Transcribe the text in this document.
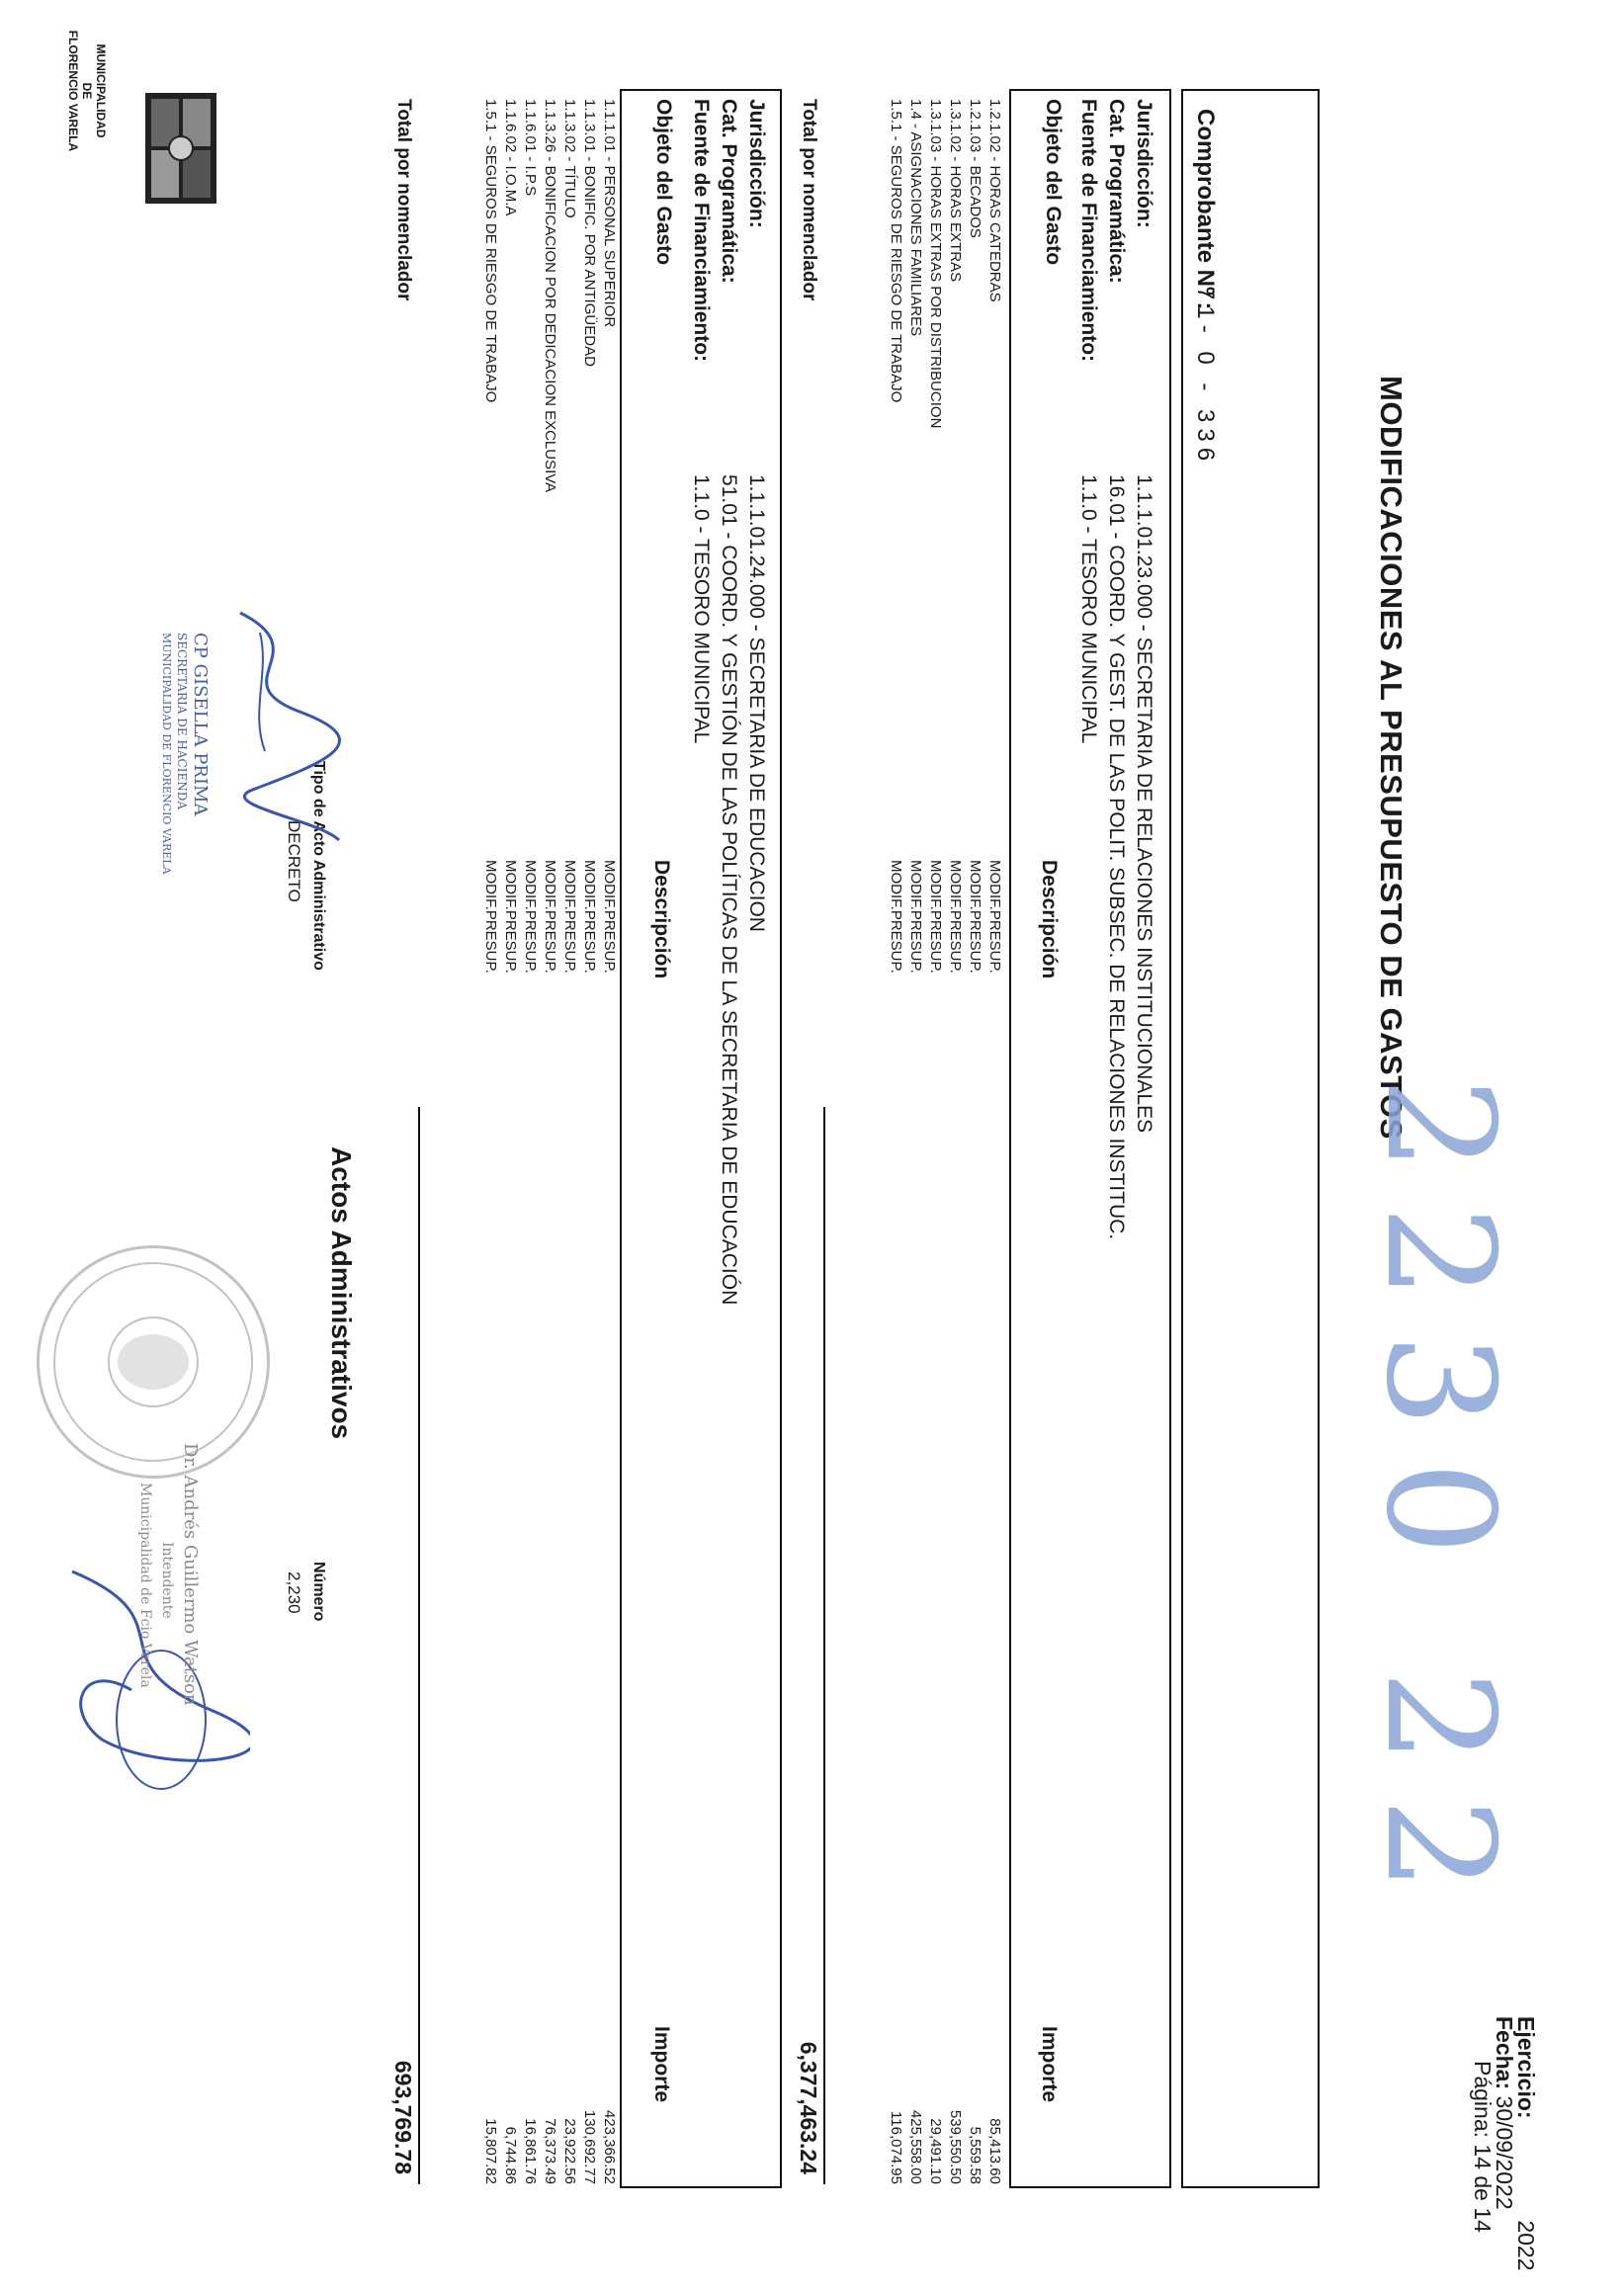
MUNICIPALIDAD
DE
FLORENCIO VARELA
MODIFICACIONES AL PRESUPUESTO DE GASTOS
2230 22
Ejercicio:  2022
Fecha: 30/09/2022
Página: 14 de 14
Comprobante Nº :
71- 0 - 336
Jurisdicción:
1.1.1.01.23.000 - SECRETARIA DE RELACIONES INSTITUCIONALES
Cat. Programática:
16.01 - COORD. Y GEST. DE LAS POLIT. SUBSEC. DE RELACIONES INSTITUC.
Fuente de Financiamiento:
1.1.0 - TESORO MUNICIPAL
Objeto del Gasto
Descripción
Importe
1.2.1.02 - HORAS CATEDRAS
MODIF.PRESUP.
85,413.60
1.2.1.03 - BECADOS
MODIF.PRESUP.
5,559.58
1.3.1.02 - HORAS EXTRAS
MODIF.PRESUP.
539,550.50
1.3.1.03 - HORAS EXTRAS POR DISTRIBUCION
MODIF.PRESUP.
29,491.10
1.4 - ASIGNACIONES FAMILIARES
MODIF.PRESUP.
425,558.00
1.5.1 - SEGUROS DE RIESGO DE TRABAJO
MODIF.PRESUP.
116,074.95
Total por nomenclador
6,377,463.24
Jurisdicción:
1.1.1.01.24.000 - SECRETARIA DE EDUCACION
Cat. Programática:
51.01 - COORD. Y GESTIÓN DE LAS POLÍTICAS DE LA SECRETARIA DE EDUCACIÓN
Fuente de Financiamiento:
1.1.0 - TESORO MUNICIPAL
Objeto del Gasto
Descripción
Importe
1.1.1.01 - PERSONAL SUPERIOR
MODIF.PRESUP.
423,366.52
1.1.3.01 - BONIFIC. POR ANTIGÜEDAD
MODIF.PRESUP.
130,692.77
1.1.3.02 - TÍTULO
MODIF.PRESUP.
23,922.56
1.1.3.26 - BONIFICACION POR DEDICACION EXCLUSIVA
MODIF.PRESUP.
76,373.49
1.1.6.01 - I.P.S
MODIF.PRESUP.
16,861.76
1.1.6.02 - I.O.M.A
MODIF.PRESUP.
6,744.86
1.5.1 - SEGUROS DE RIESGO DE TRABAJO
MODIF.PRESUP.
15,807.82
Total por nomenclador
693,769.78
Actos Administrativos
Tipo de Acto Administrativo
Número
DECRETO
2,230
CP GISELLA PRIMA
SECRETARIA DE HACIENDA
MUNICIPALIDAD DE FLORENCIO VARELA
Dr. Andrés Guillermo Watson
Intendente
Municipalidad de Fcio Varela
